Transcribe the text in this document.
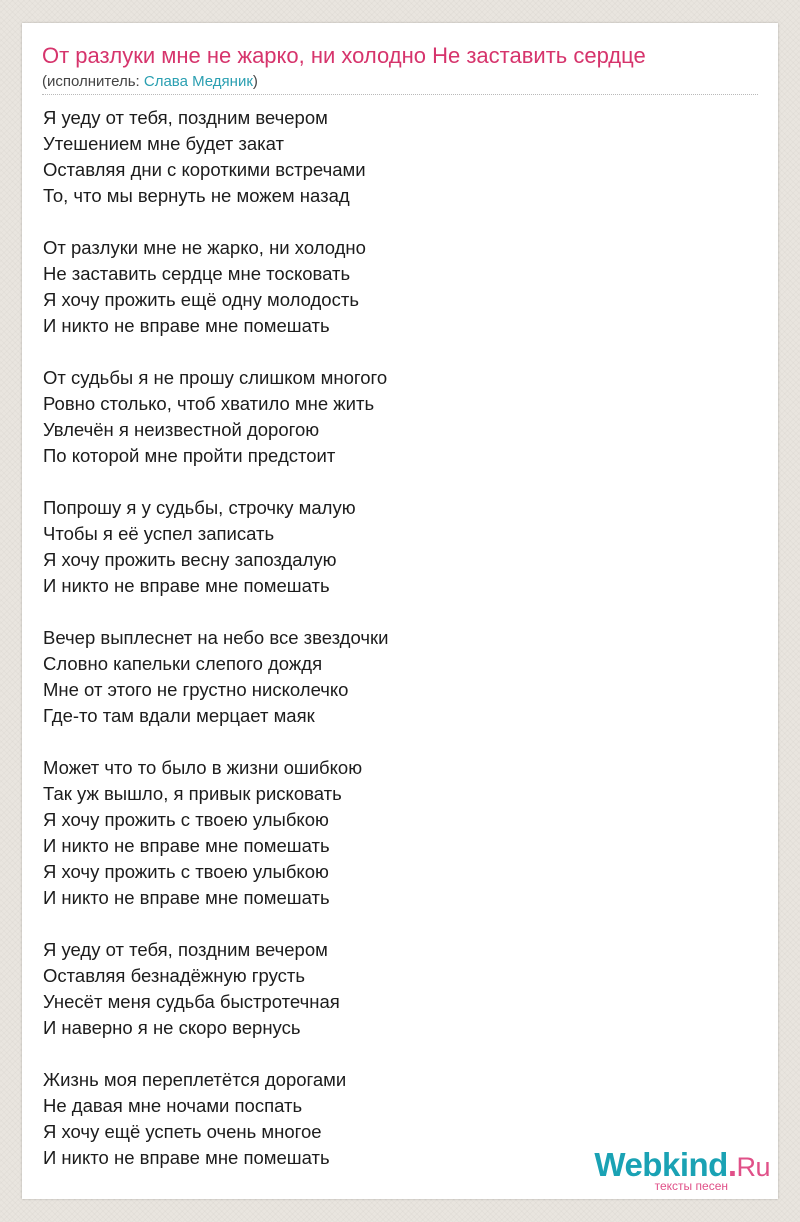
От разлуки мне не жарко, ни холодно Не заставить сердце
(исполнитель: Слава Медяник)
Я уеду от тебя, поздним вечером
Утешением мне будет закат
Оставляя дни с короткими встречами
То, что мы вернуть не можем назад
От разлуки мне не жарко, ни холодно
Не заставить сердце мне тосковать
Я хочу прожить ещё одну молодость
И никто не вправе мне помешать
От судьбы я не прошу слишком многого
Ровно столько, чтоб хватило мне жить
Увлечён я неизвестной дорогою
По которой мне пройти предстоит
Попрошу я у судьбы, строчку малую
Чтобы я её успел записать
Я хочу прожить весну запоздалую
И никто не вправе мне помешать
Вечер выплеснет на небо все звездочки
Словно капельки слепого дождя
Мне от этого не грустно нисколечко
Где-то там вдали мерцает маяк
Может что то было в жизни ошибкою
Так уж вышло, я привык рисковать
Я хочу прожить с твоею улыбкою
И никто не вправе мне помешать
Я хочу прожить с твоею улыбкою
И никто не вправе мне помешать
Я уеду от тебя, поздним вечером
Оставляя безнадёжную грусть
Унесёт меня судьба быстротечная
И наверно я не скоро вернусь
Жизнь моя переплетётся дорогами
Не давая мне ночами поспать
Я хочу ещё успеть очень многое
И никто не вправе мне помешать	Webkind.Ru
тексты песен
